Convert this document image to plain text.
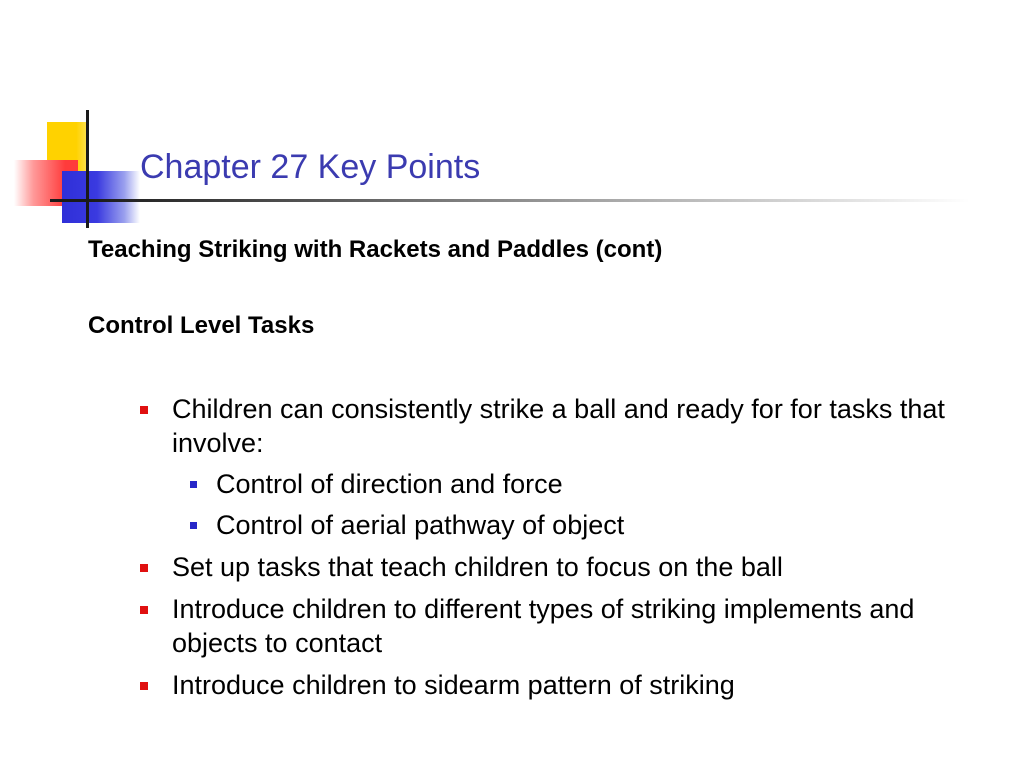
Chapter 27 Key Points
Teaching Striking with Rackets and Paddles (cont)
Control Level Tasks
Children can consistently strike a ball and ready for for tasks that involve:
Control of direction and force
Control of aerial pathway of object
Set up tasks that teach children to focus on the ball
Introduce children to different types of striking implements and objects to contact
Introduce children to sidearm pattern of striking
